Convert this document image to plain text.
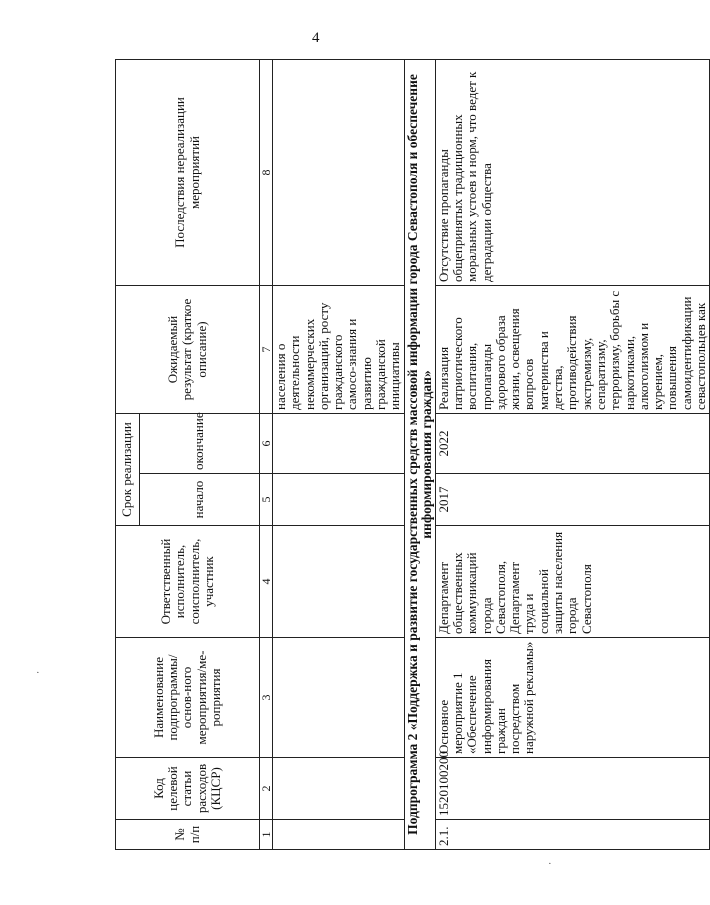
4
№ п/п	Код целевой статьи расходов (КЦСР)	Наименование подпрограммы/основ-ного мероприятия/ме-роприятия	Ответственный исполнитель, соисполнитель, участник	Срок реализации		Ожидаемый результат (краткое описание)	Последствия нереализации мероприятий
				начало	окончание		
1	2	3	4	5	6	7	8
						населения о деятельности некоммерческих организаций, росту гражданского самосо-знания и развитию гражданской инициативы	
Подпрограмма 2 «Поддержка и развитие государственных средств массовой информации города Севастополя и обеспечение информирования граждан»							
2.1.	1520100200	Основное мероприятие 1 «Обеспечение информирования граждан посредством наружной рекламы»	Департамент общественных коммуникаций города Севастополя, Департамент труда и социальной защиты населения города Севастополя	2017	2022	Реализация патриотического воспитания, пропаганды здорового образа жизни, освещения вопросов материнства и детства, противодействия экстремизму, сепаратизму, терроризму, борьбы с наркотиками, алкоголизмом и курением, повышения самоидентификации севастопольцев как	Отсутствие пропаганды общепринятых традиционных моральных устоев и норм, что ведет к деградации общества
·
·
